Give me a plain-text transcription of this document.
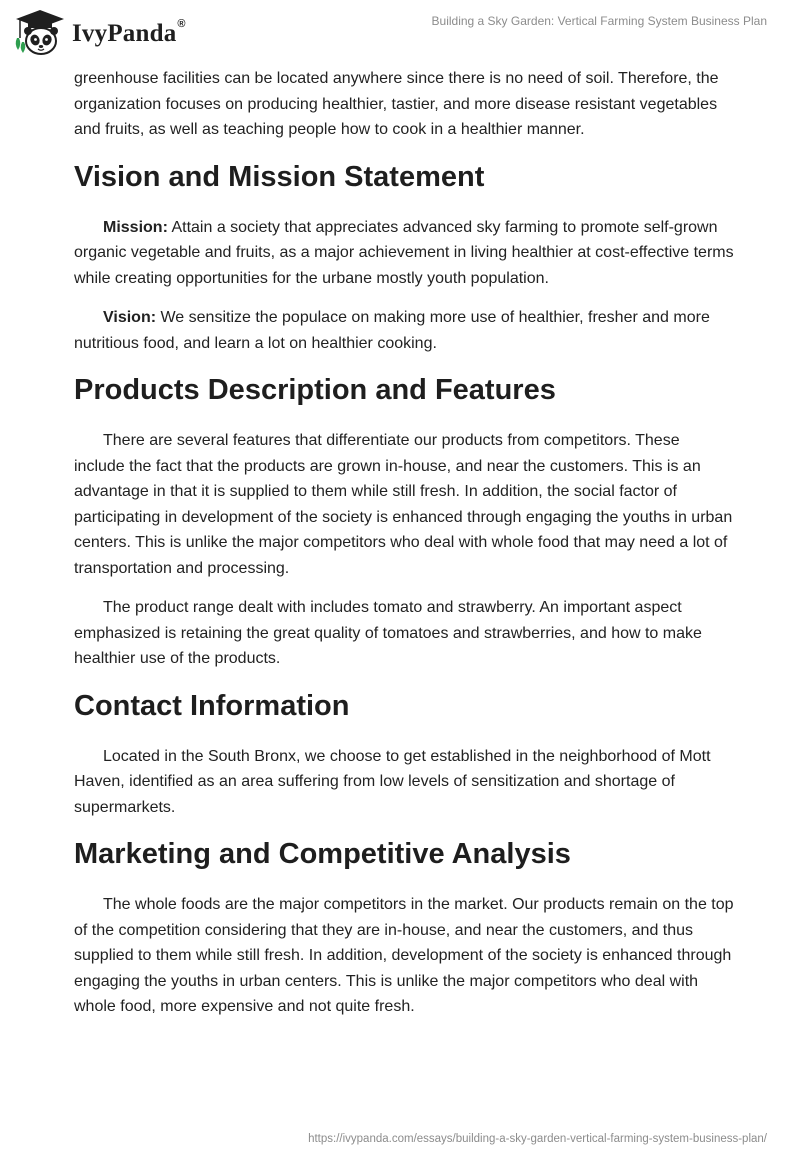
IvyPanda®	Building a Sky Garden: Vertical Farming System Business Plan

greenhouse facilities can be located anywhere since there is no need of soil. Therefore, the organization focuses on producing healthier, tastier, and more disease resistant vegetables and fruits, as well as teaching people how to cook in a healthier manner.

Vision and Mission Statement

Mission: Attain a society that appreciates advanced sky farming to promote self-grown organic vegetable and fruits, as a major achievement in living healthier at cost-effective terms while creating opportunities for the urbane mostly youth population.

Vision: We sensitize the populace on making more use of healthier, fresher and more nutritious food, and learn a lot on healthier cooking.

Products Description and Features

There are several features that differentiate our products from competitors. These include the fact that the products are grown in-house, and near the customers. This is an advantage in that it is supplied to them while still fresh. In addition, the social factor of participating in development of the society is enhanced through engaging the youths in urban centers. This is unlike the major competitors who deal with whole food that may need a lot of transportation and processing.

The product range dealt with includes tomato and strawberry. An important aspect emphasized is retaining the great quality of tomatoes and strawberries, and how to make healthier use of the products.

Contact Information

Located in the South Bronx, we choose to get established in the neighborhood of Mott Haven, identified as an area suffering from low levels of sensitization and shortage of supermarkets.

Marketing and Competitive Analysis

The whole foods are the major competitors in the market. Our products remain on the top of the competition considering that they are in-house, and near the customers, and thus supplied to them while still fresh. In addition, development of the society is enhanced through engaging the youths in urban centers. This is unlike the major competitors who deal with whole food, more expensive and not quite fresh.

https://ivypanda.com/essays/building-a-sky-garden-vertical-farming-system-business-plan/
